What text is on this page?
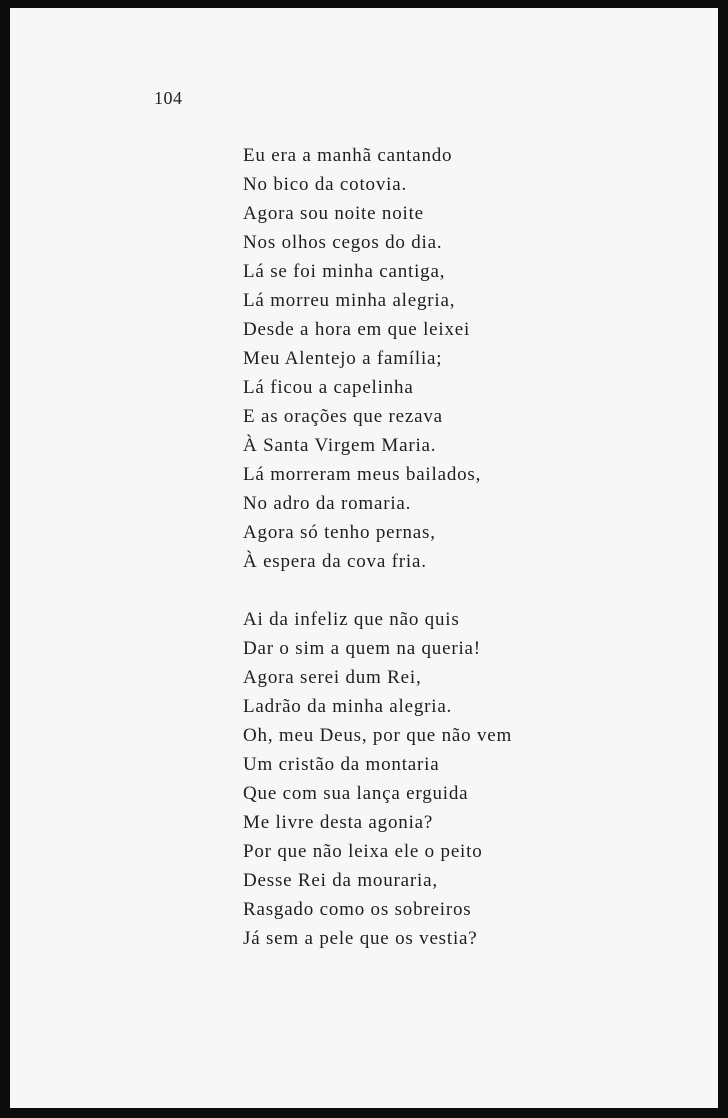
104

Eu era a manhã cantando
No bico da cotovia.
Agora sou noite noite
Nos olhos cegos do dia.
Lá se foi minha cantiga,
Lá morreu minha alegria,
Desde a hora em que leixei
Meu Alentejo a família;
Lá ficou a capelinha
E as orações que rezava
À Santa Virgem Maria.
Lá morreram meus bailados,
No adro da romaria.
Agora só tenho pernas,
À espera da cova fria.
Ai da infeliz que não quis
Dar o sim a quem na queria!
Agora serei dum Rei,
Ladrão da minha alegria.
Oh, meu Deus, por que não vem
Um cristão da montaria
Que com sua lança erguida
Me livre desta agonia?
Por que não leixa ele o peito
Desse Rei da mouraria,
Rasgado como os sobreiros
Já sem a pele que os vestia?
